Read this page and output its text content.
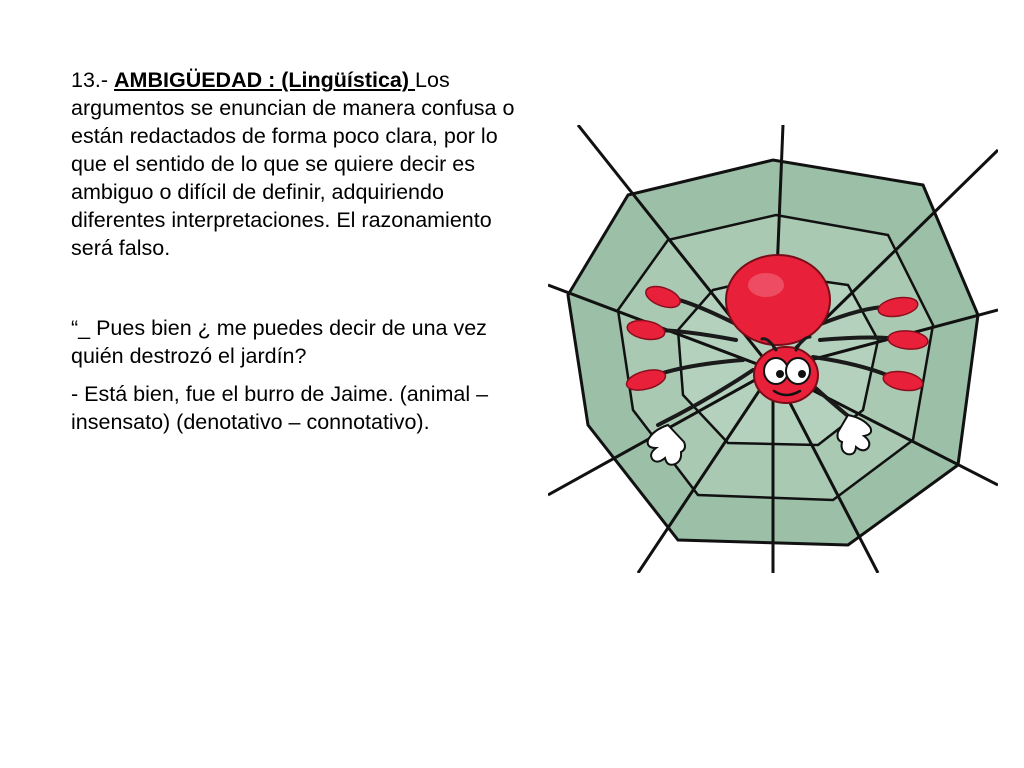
13.- AMBIGÜEDAD : (Lingüística) Los argumentos se enuncian de manera confusa o están redactados de forma poco clara, por lo que el sentido de lo que se quiere decir es ambiguo o difícil de definir, adquiriendo diferentes interpretaciones. El razonamiento será falso.

“_ Pues bien ¿ me puedes decir de una vez quién destrozó el jardín?

- Está bien, fue el burro de Jaime. (animal – insensato) (denotativo – connotativo).
